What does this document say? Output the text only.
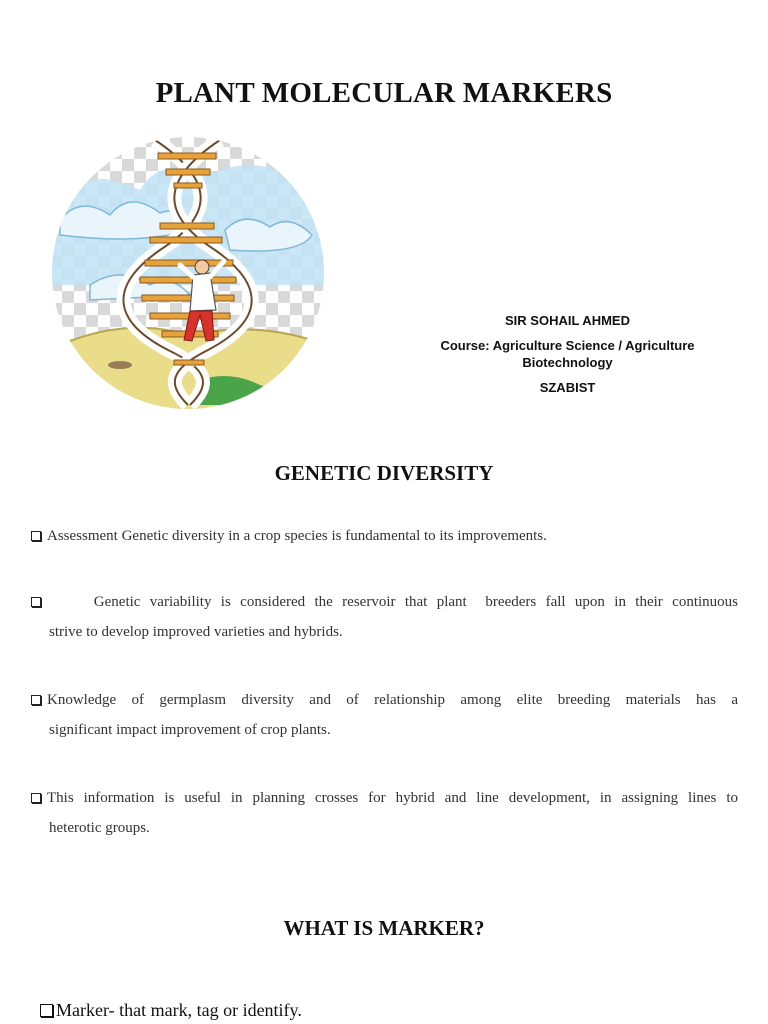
PLANT MOLECULAR MARKERS
SIR SOHAIL AHMED
Course: Agriculture Science / Agriculture
Biotechnology
SZABIST
GENETIC DIVERSITY
Assessment Genetic diversity in a crop species is fundamental to its improvements.
Genetic variability is considered the reservoir that plant  breeders fall upon in their continuous
strive to develop improved varieties and hybrids.
Knowledge of germplasm diversity and of relationship among elite breeding materials has a
significant impact improvement of crop plants.
This information is useful in planning crosses for hybrid and line development, in assigning lines to
heterotic groups.
WHAT IS MARKER?
Marker- that mark, tag or identify.
